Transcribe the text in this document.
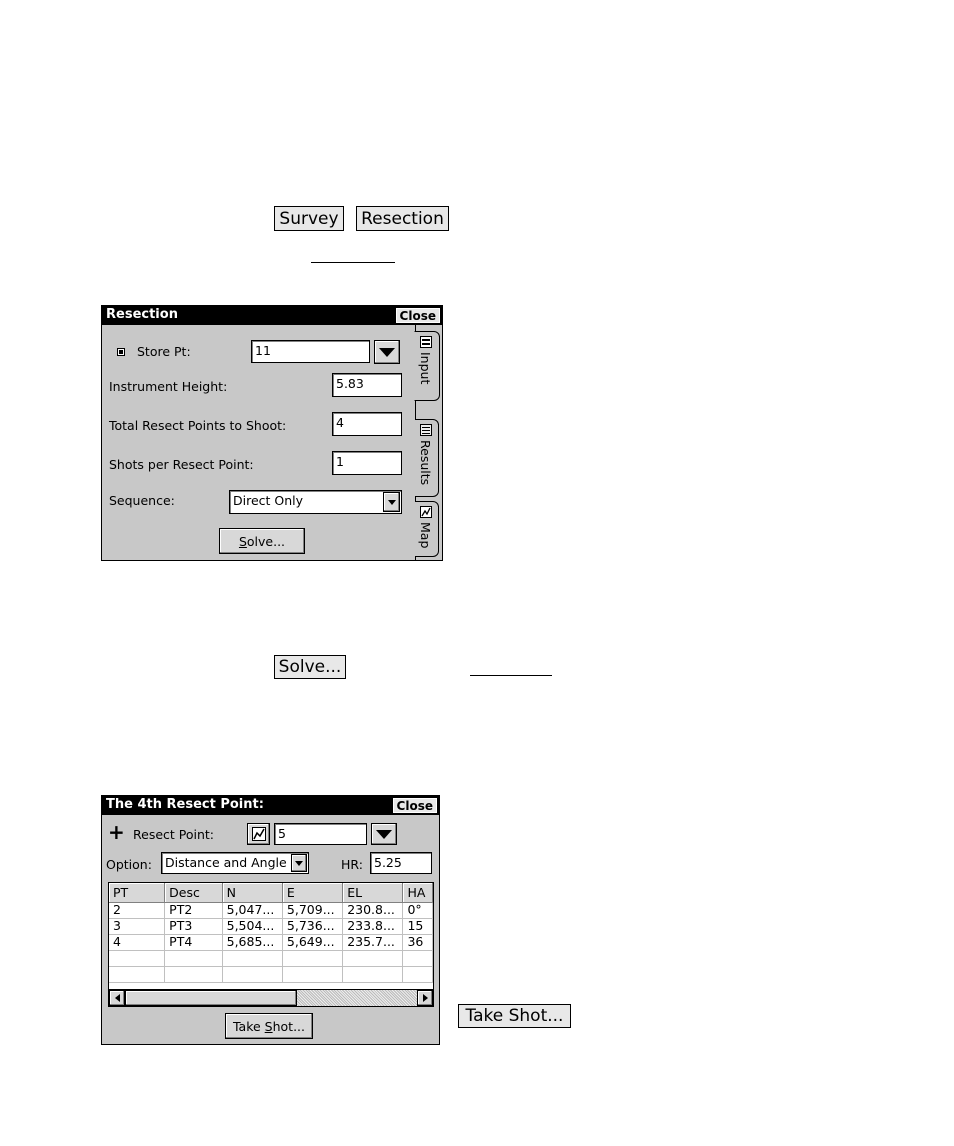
Survey	Resection
Resection	Close
Store Pt:	11
Instrument Height:	5.83
Total Resect Points to Shoot:	4
Shots per Resect Point:	1
Sequence:	Direct Only
S olve...
Input
Results
Map
Solve...
The 4th Resect Point:	Close
+ Resect Point:	5
Option:	Distance and Angle	HR: 5.25
PT	Desc	N	E	EL	HA
2	PT2	5,047...	5,709...	230.8...	0°
3	PT3	5,504...	5,736...	233.8...	15
4	PT4	5,685...	5,649...	235.7...	36

Take S hot...	Take Shot...
